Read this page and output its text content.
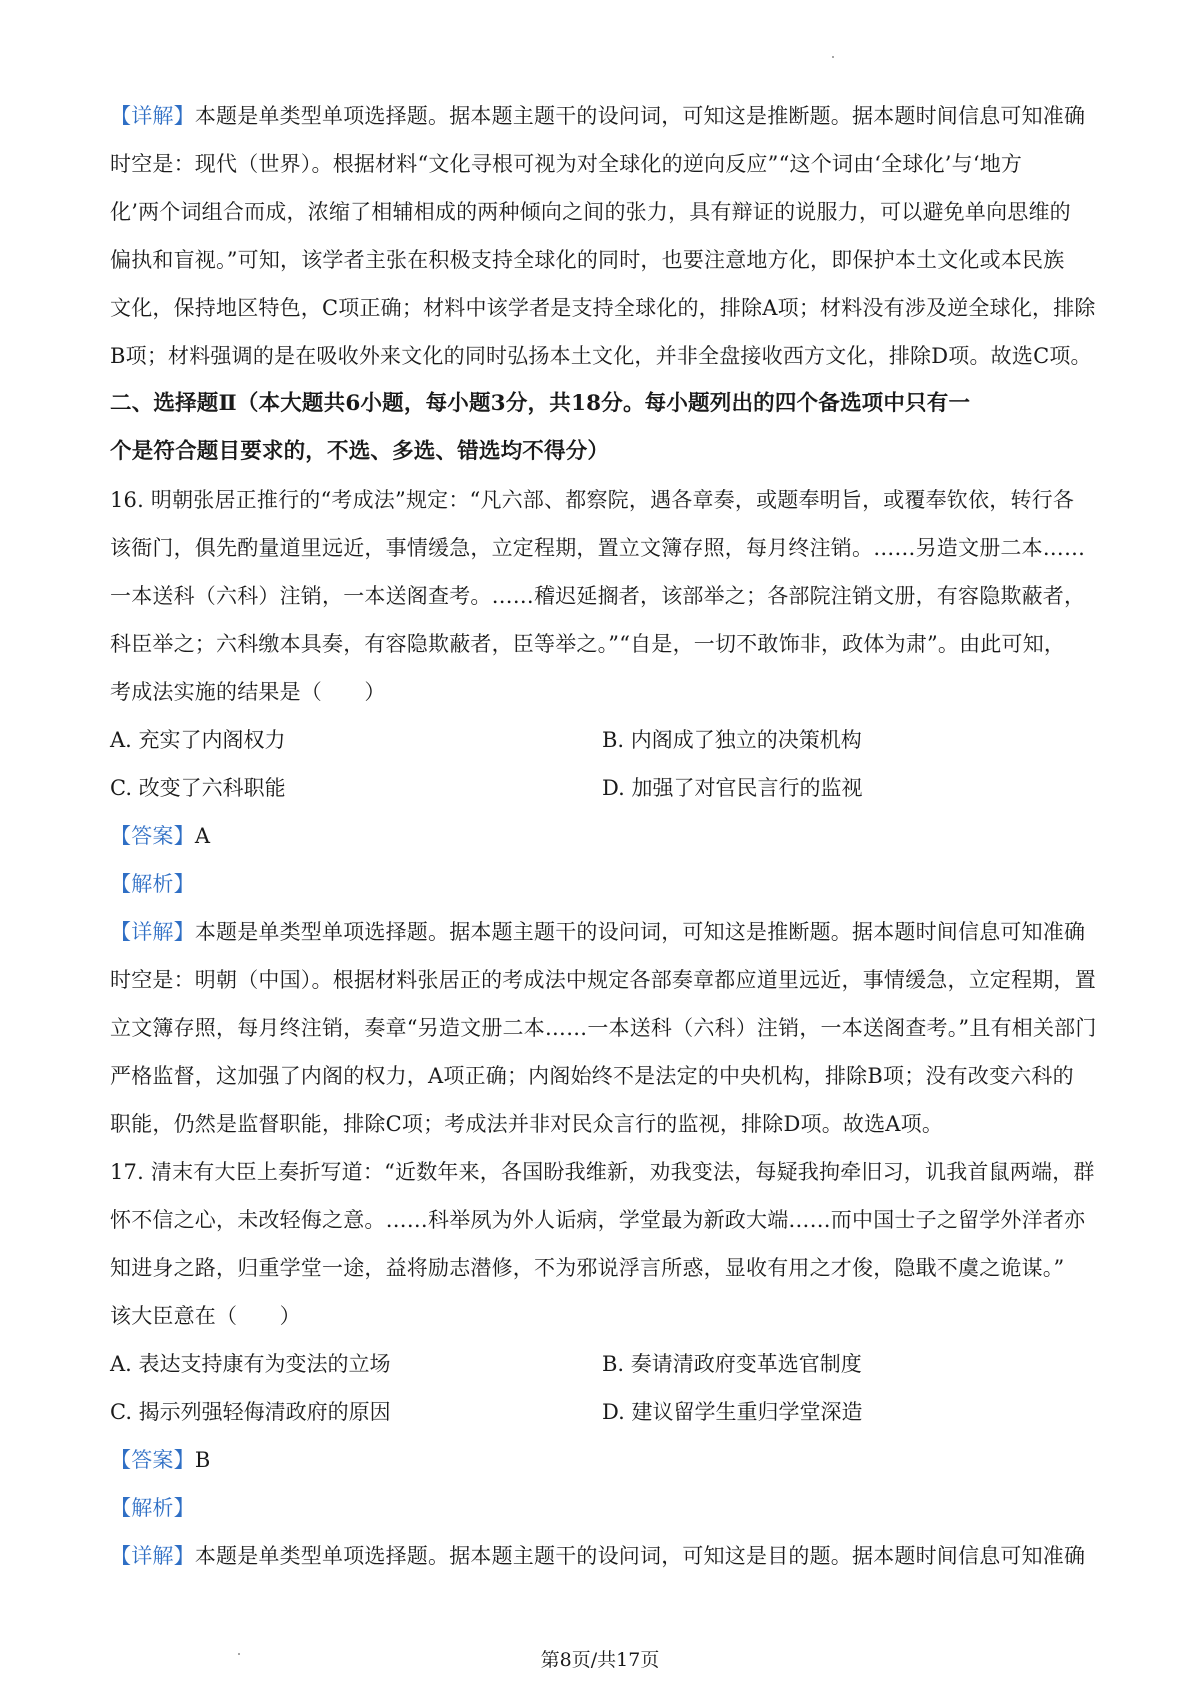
【详解】本题是单类型单项选择题。据本题主题干的设问词，可知这是推断题。据本题时间信息可知准确
时空是：现代（世界）。根据材料“文化寻根可视为对全球化的逆向反应”“这个词由‘全球化’与‘地方
化’两个词组合而成，浓缩了相辅相成的两种倾向之间的张力，具有辩证的说服力，可以避免单向思维的
偏执和盲视。”可知，该学者主张在积极支持全球化的同时，也要注意地方化，即保护本土文化或本民族
文化，保持地区特色，C项正确；材料中该学者是支持全球化的，排除A项；材料没有涉及逆全球化，排除
B项；材料强调的是在吸收外来文化的同时弘扬本土文化，并非全盘接收西方文化，排除D项。故选C项。
二、选择题Ⅱ（本大题共6小题，每小题3分，共18分。每小题列出的四个备选项中只有一
个是符合题目要求的，不选、多选、错选均不得分）
16. 明朝张居正推行的“考成法”规定：“凡六部、都察院，遇各章奏，或题奉明旨，或覆奉钦依，转行各
该衙门，俱先酌量道里远近，事情缓急，立定程期，置立文簿存照，每月终注销。……另造文册二本……
一本送科（六科）注销，一本送阁查考。……稽迟延搁者，该部举之；各部院注销文册，有容隐欺蔽者，
科臣举之；六科缴本具奏，有容隐欺蔽者，臣等举之。”“自是，一切不敢饰非，政体为肃”。由此可知，
考成法实施的结果是（　　）
A. 充实了内阁权力	B. 内阁成了独立的决策机构
C. 改变了六科职能	D. 加强了对官民言行的监视
【答案】A
【解析】
【详解】本题是单类型单项选择题。据本题主题干的设问词，可知这是推断题。据本题时间信息可知准确
时空是：明朝（中国）。根据材料张居正的考成法中规定各部奏章都应道里远近，事情缓急，立定程期，置
立文簿存照，每月终注销，奏章“另造文册二本……一本送科（六科）注销，一本送阁查考。”且有相关部门
严格监督，这加强了内阁的权力，A项正确；内阁始终不是法定的中央机构，排除B项；没有改变六科的
职能，仍然是监督职能，排除C项；考成法并非对民众言行的监视，排除D项。故选A项。
17. 清末有大臣上奏折写道：“近数年来，各国盼我维新，劝我变法，每疑我拘牵旧习，讥我首鼠两端，群
怀不信之心，未改轻侮之意。……科举夙为外人诟病，学堂最为新政大端……而中国士子之留学外洋者亦
知进身之路，归重学堂一途，益将励志潜修，不为邪说浮言所惑，显收有用之才俊，隐戢不虞之诡谋。”
该大臣意在（　　）
A. 表达支持康有为变法的立场	B. 奏请清政府变革选官制度
C. 揭示列强轻侮清政府的原因	D. 建议留学生重归学堂深造
【答案】B
【解析】
【详解】本题是单类型单项选择题。据本题主题干的设问词，可知这是目的题。据本题时间信息可知准确
第8页/共17页
